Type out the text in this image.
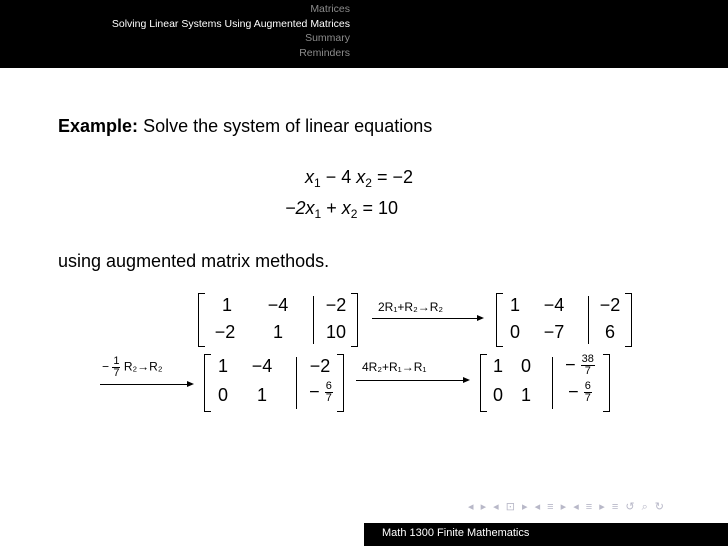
Matrices
Solving Linear Systems Using Augmented Matrices
Summary
Reminders
Example: Solve the system of linear equations
$x_1 - 4$ $x_2 = -2$
$-2x_1 + x_2 = 10$
using augmented matrix methods.
1	−4	−2
−2	1	10
2R₁+R₂→R₂	1	−4	−2
0	−7	6
− $\frac{1}{7} R_2\to R_2$	1	−4	−2
0	1	− $\frac{6}{7}$
4R₂+R₁→R₁	1 0	− $\frac{38}{7}$
0 1	− $\frac{6}{7}$
◂ ▸ ◂ ⊡ ▸ ◂ ≡ ▸ ◂ ≡ ▸ ≡ ↺ ⌕ ↻
Math 1300 Finite Mathematics
